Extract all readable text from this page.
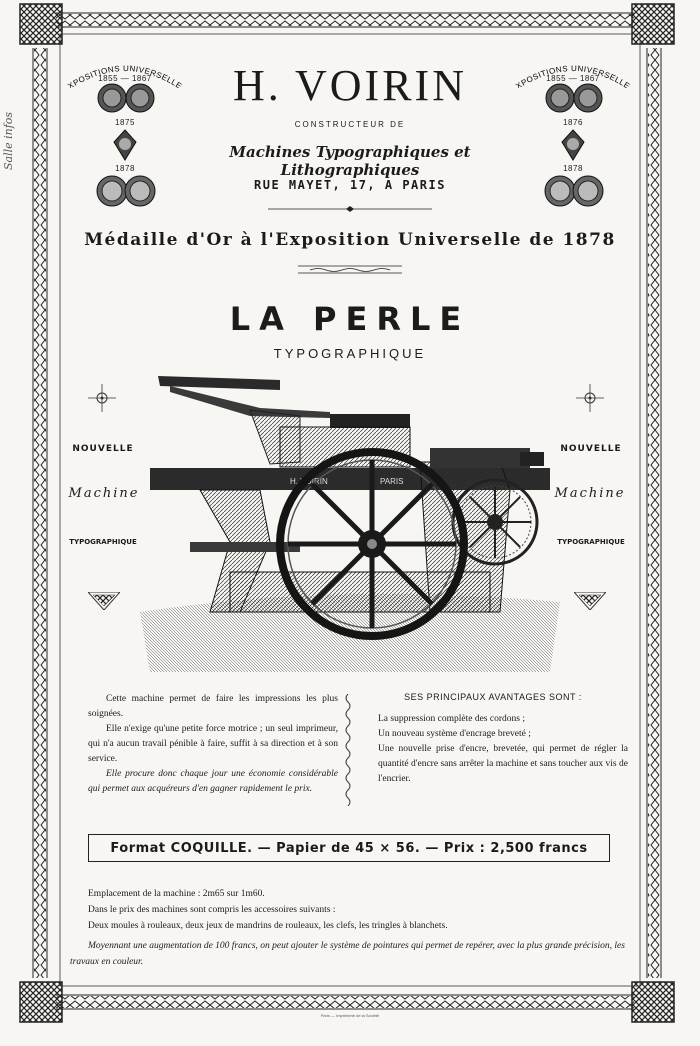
Salle infos
XPOSITIONS UNIVERSELLE
1855 — 1867
1875
1878
XPOSITIONS UNIVERSELLE
1855 — 1867
1876
1878
H. VOIRIN
CONSTRUCTEUR DE
Machines Typographiques et Lithographiques
RUE MAYET, 17, A PARIS
Médaille d'Or à l'Exposition Universelle de 1878
LA PERLE
TYPOGRAPHIQUE
NOUVELLE
Machine
TYPOGRAPHIQUE
NOUVELLE
Machine
TYPOGRAPHIQUE
H. VOIRIN	PARIS

Cette machine permet de faire les impressions les plus soignées.

Elle n'exige qu'une petite force motrice ; un seul imprimeur, qui n'a aucun travail pénible à faire, suffit à sa direction et à son service.

Elle procure donc chaque jour une économie considérable qui permet aux acquéreurs d'en gagner rapidement le prix.

SES PRINCIPAUX AVANTAGES SONT :
La suppression complète des cordons ;
Un nouveau système d'encrage breveté ;
Une nouvelle prise d'encre, brevetée, qui permet de régler la quantité d'encre sans arrêter la machine et sans toucher aux vis de l'encrier.
Format COQUILLE. — Papier de 45 × 56. — Prix : 2,500 francs
Emplacement de la machine : 2m65 sur 1m60.
Dans le prix des machines sont compris les accessoires suivants :
Deux moules à rouleaux, deux jeux de mandrins de rouleaux, les clefs, les tringles à blanchets.
Moyennant une augmentation de 100 francs, on peut ajouter le système de pointures qui permet de repérer, avec la plus grande précision, les travaux en couleur.
Paris — Imprimerie de la Société
